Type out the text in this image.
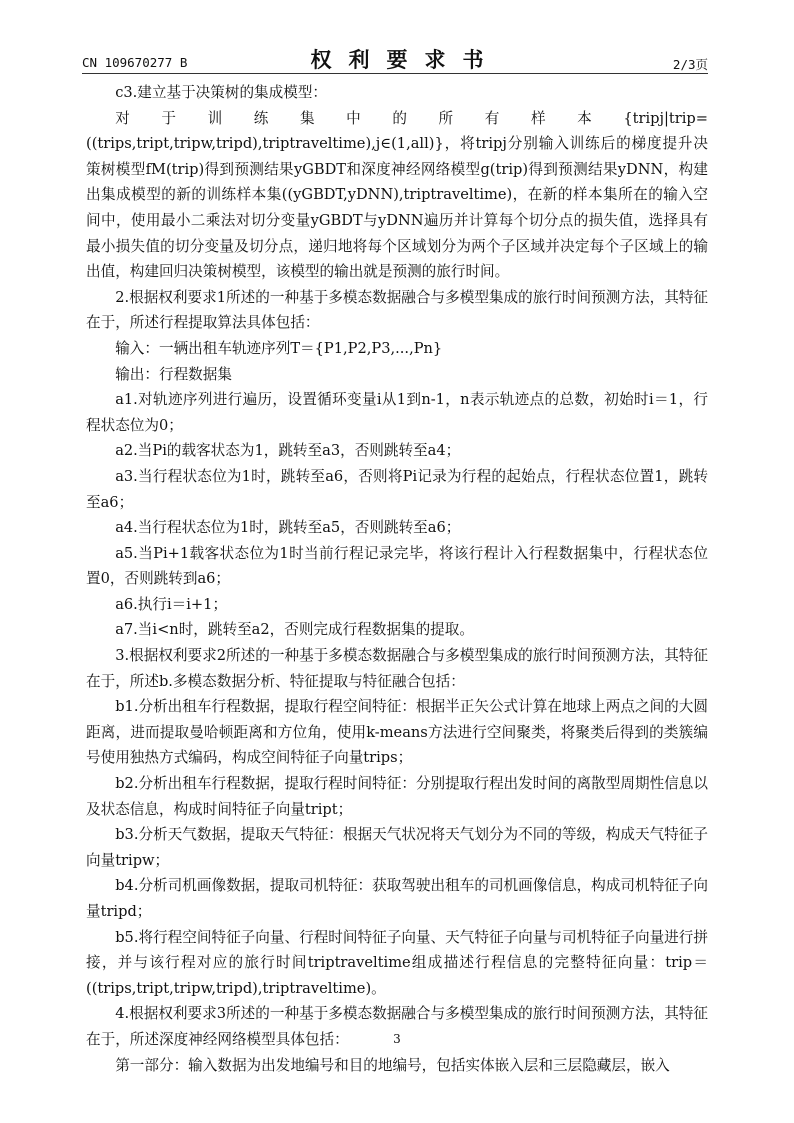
CN 109670277 B	权利要求书	2/3页

c3.建立基于决策树的集成模型：

对于训练集中的所有样本{tripj|trip=((trips,tript,tripw,tripd),triptraveltime),j∈(1,all)}，将tripj分别输入训练后的梯度提升决策树模型fM(trip)得到预测结果yGBDT和深度神经网络模型g(trip)得到预测结果yDNN，构建出集成模型的新的训练样本集((yGBDT,yDNN),triptraveltime)，在新的样本集所在的输入空间中，使用最小二乘法对切分变量yGBDT与yDNN遍历并计算每个切分点的损失值，选择具有最小损失值的切分变量及切分点，递归地将每个区域划分为两个子区域并决定每个子区域上的输出值，构建回归决策树模型，该模型的输出就是预测的旅行时间。

2.根据权利要求1所述的一种基于多模态数据融合与多模型集成的旅行时间预测方法，其特征在于，所述行程提取算法具体包括：

输入：一辆出租车轨迹序列T＝{P1,P2,P3,...,Pn}

输出：行程数据集

a1.对轨迹序列进行遍历，设置循环变量i从1到n-1，n表示轨迹点的总数，初始时i＝1，行程状态位为0；

a2.当Pi的载客状态为1，跳转至a3，否则跳转至a4；

a3.当行程状态位为1时，跳转至a6，否则将Pi记录为行程的起始点，行程状态位置1，跳转至a6；

a4.当行程状态位为1时，跳转至a5，否则跳转至a6；

a5.当Pi+1载客状态位为1时当前行程记录完毕，将该行程计入行程数据集中，行程状态位置0，否则跳转到a6；

a6.执行i＝i+1；

a7.当i<n时，跳转至a2，否则完成行程数据集的提取。

3.根据权利要求2所述的一种基于多模态数据融合与多模型集成的旅行时间预测方法，其特征在于，所述b.多模态数据分析、特征提取与特征融合包括：

b1.分析出租车行程数据，提取行程空间特征：根据半正矢公式计算在地球上两点之间的大圆距离，进而提取曼哈顿距离和方位角，使用k-means方法进行空间聚类，将聚类后得到的类簇编号使用独热方式编码，构成空间特征子向量trips；

b2.分析出租车行程数据，提取行程时间特征：分别提取行程出发时间的离散型周期性信息以及状态信息，构成时间特征子向量tript；

b3.分析天气数据，提取天气特征：根据天气状况将天气划分为不同的等级，构成天气特征子向量tripw；

b4.分析司机画像数据，提取司机特征：获取驾驶出租车的司机画像信息，构成司机特征子向量tripd；

b5.将行程空间特征子向量、行程时间特征子向量、天气特征子向量与司机特征子向量进行拼接，并与该行程对应的旅行时间triptraveltime组成描述行程信息的完整特征向量：trip＝((trips,tript,tripw,tripd),triptraveltime)。

4.根据权利要求3所述的一种基于多模态数据融合与多模型集成的旅行时间预测方法，其特征在于，所述深度神经网络模型具体包括：

第一部分：输入数据为出发地编号和目的地编号，包括实体嵌入层和三层隐藏层，嵌入

3
